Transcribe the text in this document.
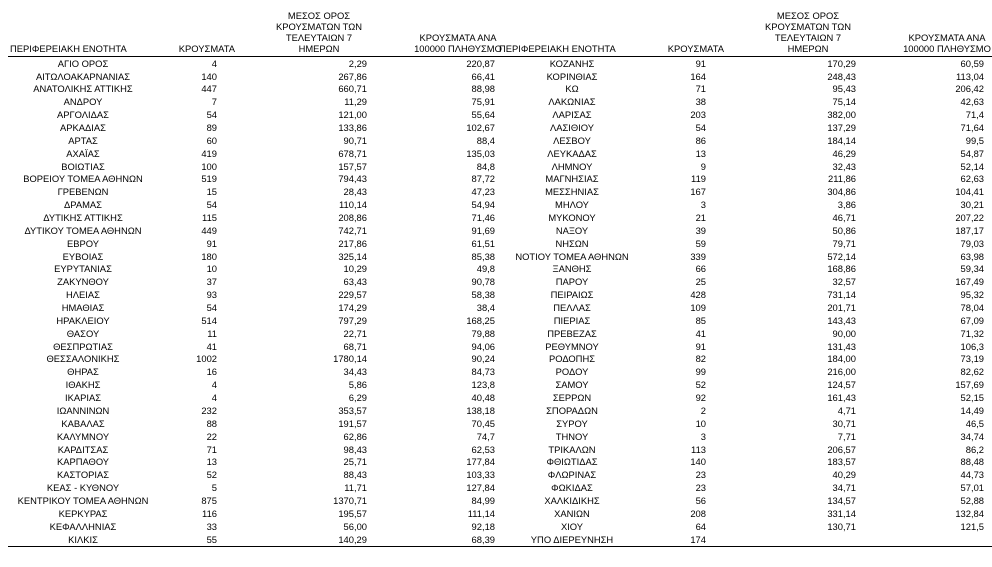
ΠΕΡΙΦΕΡΕΙΑΚΗ ΕΝΟΤΗΤΑ	ΚΡΟΥΣΜΑΤΑ	ΜΕΣΟΣ ΟΡΟΣ ΚΡΟΥΣΜΑΤΩΝ ΤΩΝ ΤΕΛΕΥΤΑΙΩΝ 7 ΗΜΕΡΩΝ	ΚΡΟΥΣΜΑΤΑ ΑΝΑ 100000 ΠΛΗΘΥΣΜΟ
ΑΓΙΟ ΟΡΟΣ	4	2,29	220,87
ΑΙΤΩΛΟΑΚΑΡΝΑΝΙΑΣ	140	267,86	66,41
ΑΝΑΤΟΛΙΚΗΣ ΑΤΤΙΚΗΣ	447	660,71	88,98
ΑΝΔΡΟΥ	7	11,29	75,91
ΑΡΓΟΛΙΔΑΣ	54	121,00	55,64
ΑΡΚΑΔΙΑΣ	89	133,86	102,67
ΑΡΤΑΣ	60	90,71	88,4
ΑΧΑΪΑΣ	419	678,71	135,03
ΒΟΙΩΤΙΑΣ	100	157,57	84,8
ΒΟΡΕΙΟΥ ΤΟΜΕΑ ΑΘΗΝΩΝ	519	794,43	87,72
ΓΡΕΒΕΝΩΝ	15	28,43	47,23
ΔΡΑΜΑΣ	54	110,14	54,94
ΔΥΤΙΚΗΣ ΑΤΤΙΚΗΣ	115	208,86	71,46
ΔΥΤΙΚΟΥ ΤΟΜΕΑ ΑΘΗΝΩΝ	449	742,71	91,69
ΕΒΡΟΥ	91	217,86	61,51
ΕΥΒΟΙΑΣ	180	325,14	85,38
ΕΥΡΥΤΑΝΙΑΣ	10	10,29	49,8
ΖΑΚΥΝΘΟΥ	37	63,43	90,78
ΗΛΕΙΑΣ	93	229,57	58,38
ΗΜΑΘΙΑΣ	54	174,29	38,4
ΗΡΑΚΛΕΙΟΥ	514	797,29	168,25
ΘΑΣΟΥ	11	22,71	79,88
ΘΕΣΠΡΩΤΙΑΣ	41	68,71	94,06
ΘΕΣΣΑΛΟΝΙΚΗΣ	1002	1780,14	90,24
ΘΗΡΑΣ	16	34,43	84,73
ΙΘΑΚΗΣ	4	5,86	123,8
ΙΚΑΡΙΑΣ	4	6,29	40,48
ΙΩΑΝΝΙΝΩΝ	232	353,57	138,18
ΚΑΒΑΛΑΣ	88	191,57	70,45
ΚΑΛΥΜΝΟΥ	22	62,86	74,7
ΚΑΡΔΙΤΣΑΣ	71	98,43	62,53
ΚΑΡΠΑΘΟΥ	13	25,71	177,84
ΚΑΣΤΟΡΙΑΣ	52	88,43	103,33
ΚΕΑΣ - ΚΥΘΝΟΥ	5	11,71	127,84
ΚΕΝΤΡΙΚΟΥ ΤΟΜΕΑ ΑΘΗΝΩΝ	875	1370,71	84,99
ΚΕΡΚΥΡΑΣ	116	195,57	111,14
ΚΕΦΑΛΛΗΝΙΑΣ	33	56,00	92,18
ΚΙΛΚΙΣ	55	140,29	68,39
ΠΕΡΙΦΕΡΕΙΑΚΗ ΕΝΟΤΗΤΑ	ΚΡΟΥΣΜΑΤΑ	ΜΕΣΟΣ ΟΡΟΣ ΚΡΟΥΣΜΑΤΩΝ ΤΩΝ ΤΕΛΕΥΤΑΙΩΝ 7 ΗΜΕΡΩΝ	ΚΡΟΥΣΜΑΤΑ ΑΝΑ 100000 ΠΛΗΘΥΣΜΟ
ΚΟΖΑΝΗΣ	91	170,29	60,59
ΚΟΡΙΝΘΙΑΣ	164	248,43	113,04
ΚΩ	71	95,43	206,42
ΛΑΚΩΝΙΑΣ	38	75,14	42,63
ΛΑΡΙΣΑΣ	203	382,00	71,4
ΛΑΣΙΘΙΟΥ	54	137,29	71,64
ΛΕΣΒΟΥ	86	184,14	99,5
ΛΕΥΚΑΔΑΣ	13	46,29	54,87
ΛΗΜΝΟΥ	9	32,43	52,14
ΜΑΓΝΗΣΙΑΣ	119	211,86	62,63
ΜΕΣΣΗΝΙΑΣ	167	304,86	104,41
ΜΗΛΟΥ	3	3,86	30,21
ΜΥΚΟΝΟΥ	21	46,71	207,22
ΝΑΞΟΥ	39	50,86	187,17
ΝΗΣΩΝ	59	79,71	79,03
ΝΟΤΙΟΥ ΤΟΜΕΑ ΑΘΗΝΩΝ	339	572,14	63,98
ΞΑΝΘΗΣ	66	168,86	59,34
ΠΑΡΟΥ	25	32,57	167,49
ΠΕΙΡΑΙΩΣ	428	731,14	95,32
ΠΕΛΛΑΣ	109	201,71	78,04
ΠΙΕΡΙΑΣ	85	143,43	67,09
ΠΡΕΒΕΖΑΣ	41	90,00	71,32
ΡΕΘΥΜΝΟΥ	91	131,43	106,3
ΡΟΔΟΠΗΣ	82	184,00	73,19
ΡΟΔΟΥ	99	216,00	82,62
ΣΑΜΟΥ	52	124,57	157,69
ΣΕΡΡΩΝ	92	161,43	52,15
ΣΠΟΡΑΔΩΝ	2	4,71	14,49
ΣΥΡΟΥ	10	30,71	46,5
ΤΗΝΟΥ	3	7,71	34,74
ΤΡΙΚΑΛΩΝ	113	206,57	86,2
ΦΘΙΩΤΙΔΑΣ	140	183,57	88,48
ΦΛΩΡΙΝΑΣ	23	40,29	44,73
ΦΩΚΙΔΑΣ	23	34,71	57,01
ΧΑΛΚΙΔΙΚΗΣ	56	134,57	52,88
ΧΑΝΙΩΝ	208	331,14	132,84
ΧΙΟΥ	64	130,71	121,5
ΥΠΟ ΔΙΕΡΕΥΝΗΣΗ	174		
